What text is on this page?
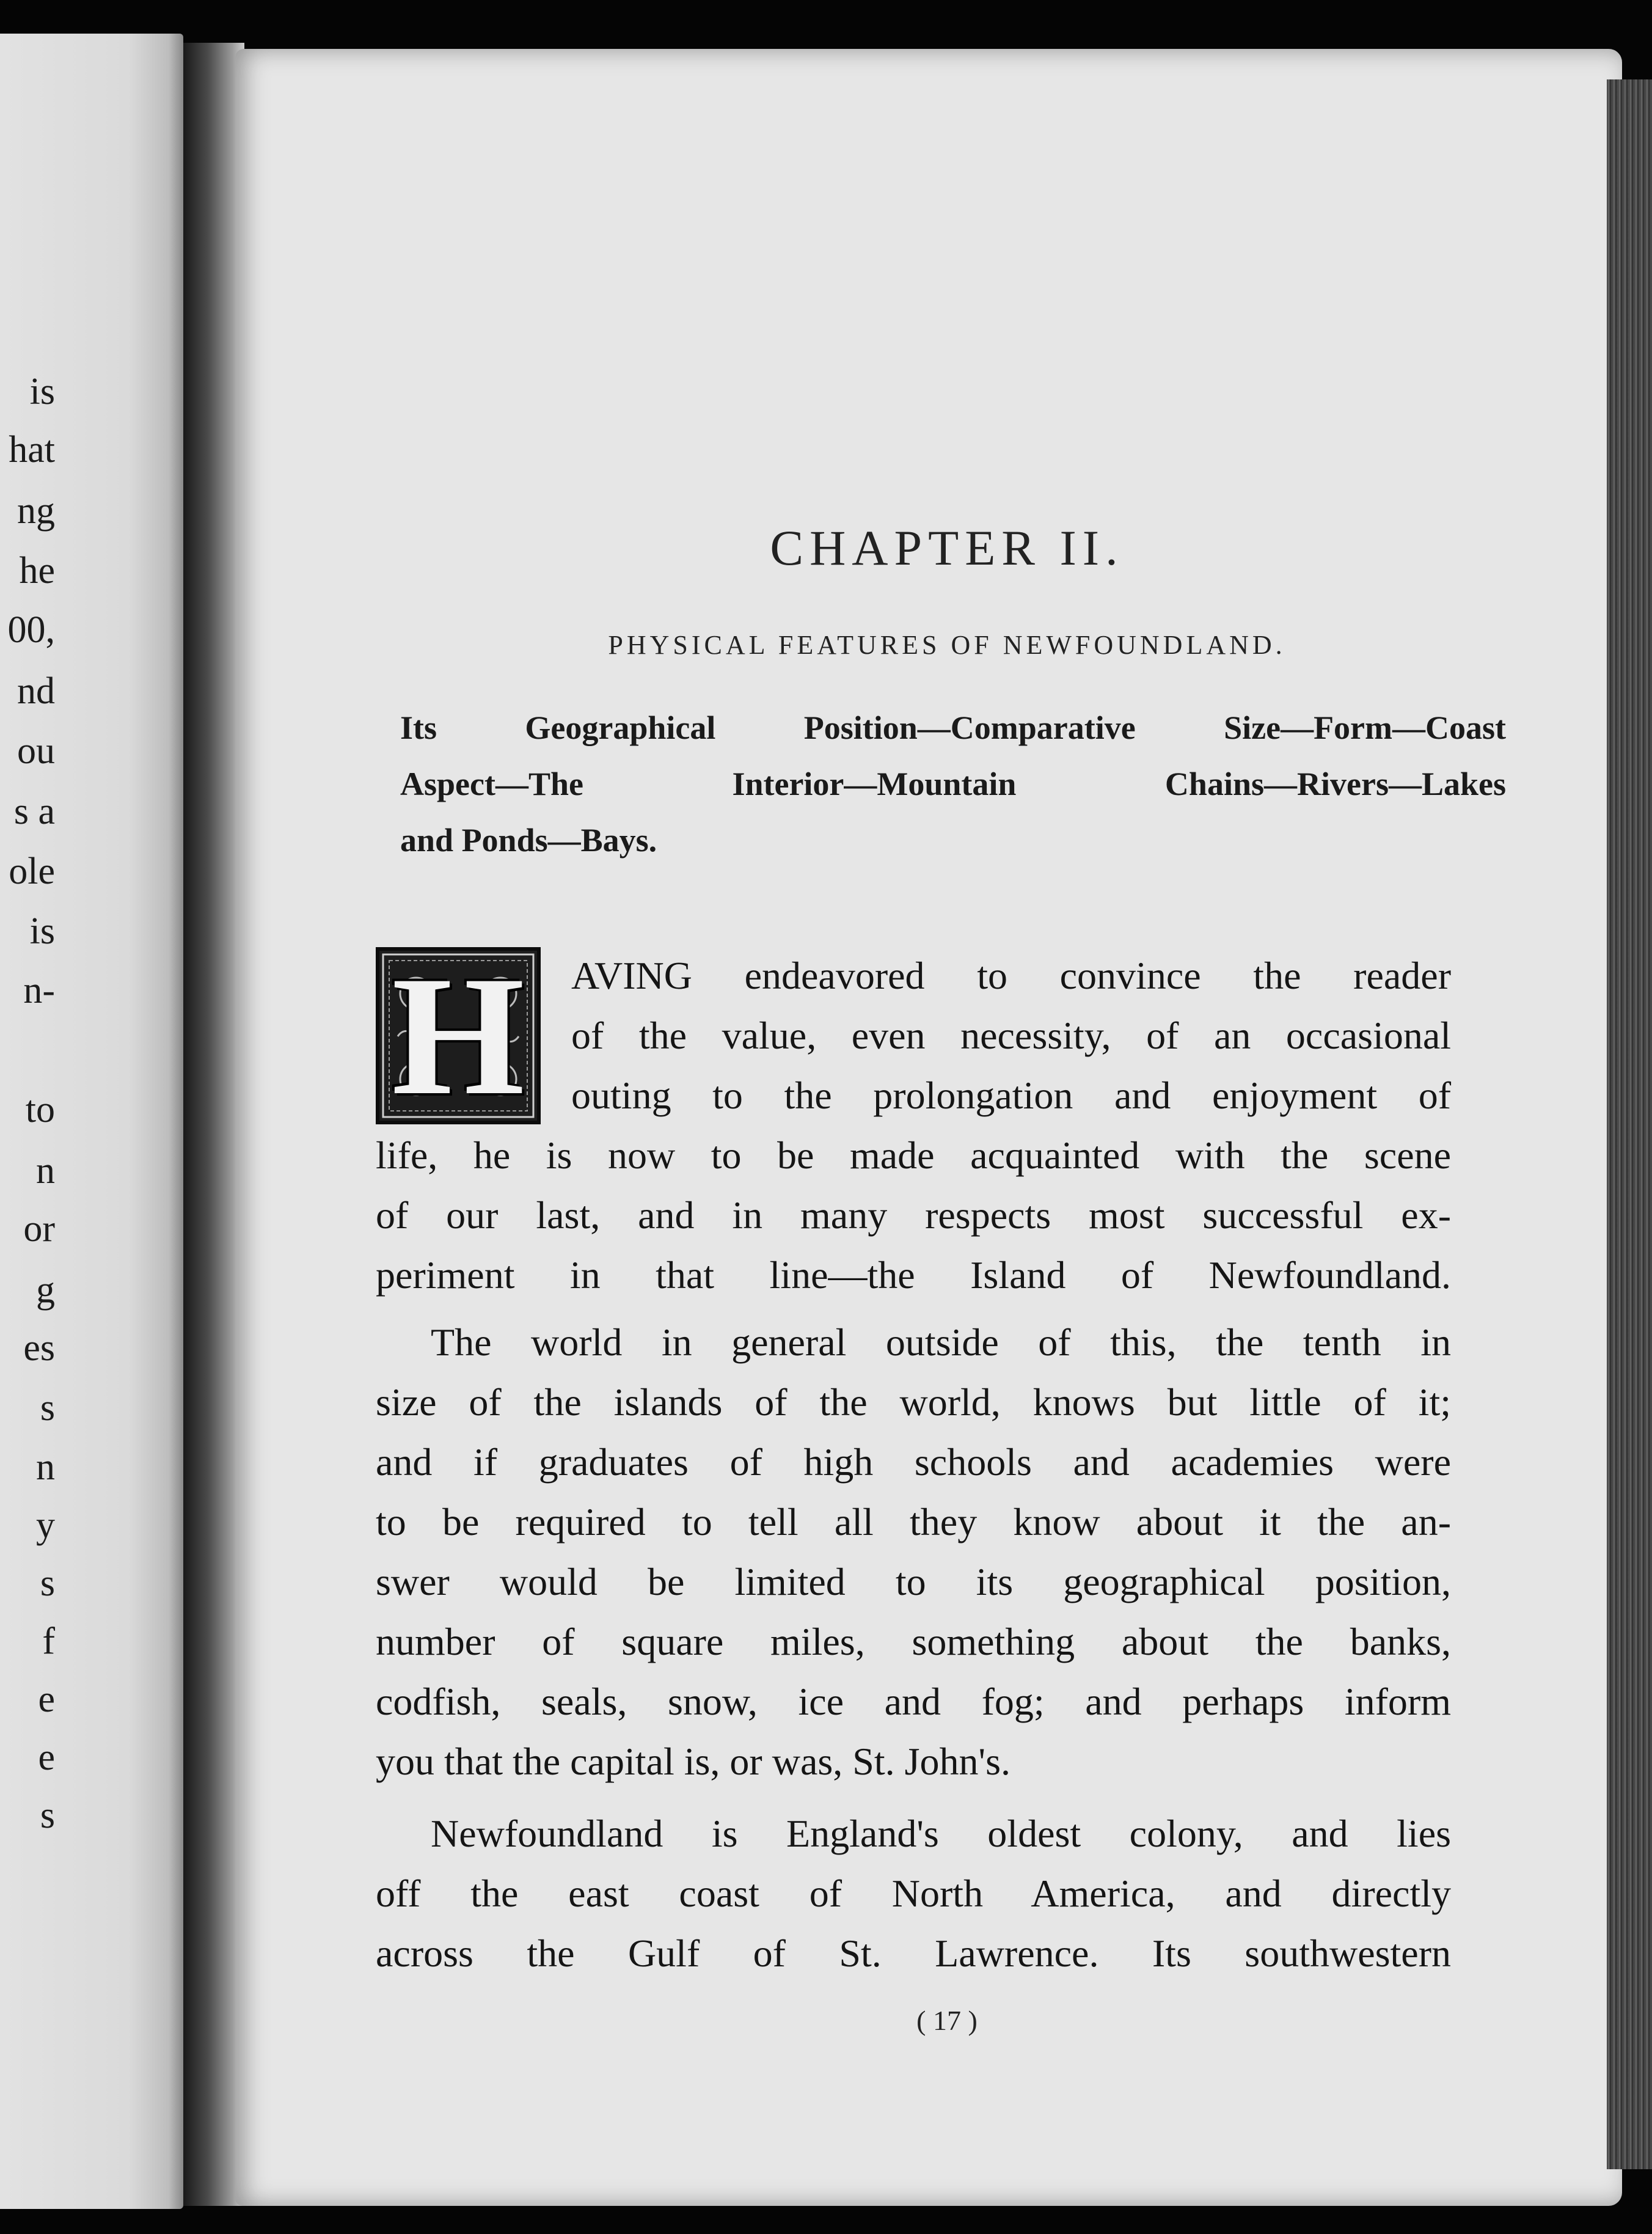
is
hat
ng
he
00,
nd
ou
s a
ole
is
n-
to
n
or
g
es
s
n
y
s
f
e
e
s
CHAPTER II.
PHYSICAL FEATURES OF NEWFOUNDLAND.
Its Geographical Position—Comparative Size—Form—Coast
Aspect—The Interior—Mountain Chains—Rivers—Lakes
and Ponds—Bays.
H	AVING endeavored to convince the reader
of the value, even necessity, of an occasional
outing to the prolongation and enjoyment of
life, he is now to be made acquainted with the scene
of our last, and in many respects most successful ex-
periment in that line—the Island of Newfoundland.
The world in general outside of this, the tenth in
size of the islands of the world, knows but little of it;
and if graduates of high schools and academies were
to be required to tell all they know about it the an-
swer would be limited to its geographical position,
number of square miles, something about the banks,
codfish, seals, snow, ice and fog; and perhaps inform
you that the capital is, or was, St. John's.
Newfoundland is England's oldest colony, and lies
off the east coast of North America, and directly
across the Gulf of St. Lawrence. Its southwestern
( 17 )
